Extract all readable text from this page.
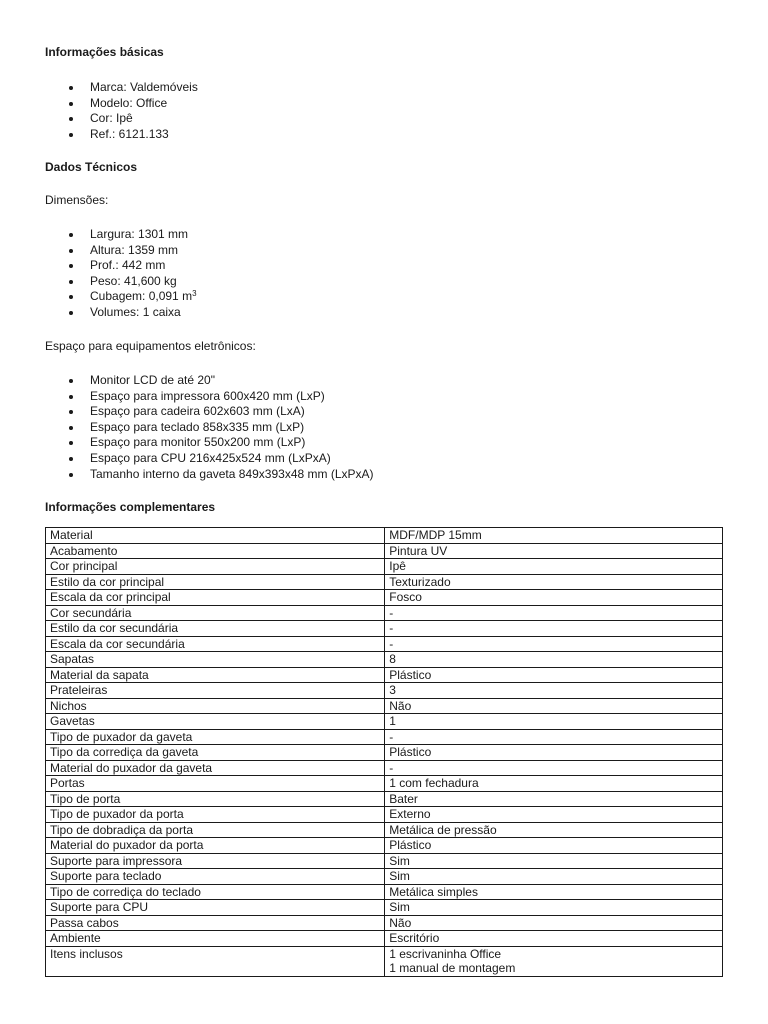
Informações básicas

Marca: Valdemóveis
Modelo: Office
Cor: Ipê
Ref.: 6121.133

Dados Técnicos

Dimensões:

Largura: 1301 mm
Altura: 1359 mm
Prof.: 442 mm
Peso: 41,600 kg
Cubagem: 0,091 $m^3$
Volumes: 1 caixa

Espaço para equipamentos eletrônicos:

Monitor LCD de até 20"
Espaço para impressora 600x420 mm (LxP)
Espaço para cadeira 602x603 mm (LxA)
Espaço para teclado 858x335 mm (LxP)
Espaço para monitor 550x200 mm (LxP)
Espaço para CPU 216x425x524 mm (LxPxA)
Tamanho interno da gaveta 849x393x48 mm (LxPxA)

Informações complementares

Material	MDF/MDP 15mm
Acabamento	Pintura UV
Cor principal	Ipê
Estilo da cor principal	Texturizado
Escala da cor principal	Fosco
Cor secundária	-
Estilo da cor secundária	-
Escala da cor secundária	-
Sapatas	8
Material da sapata	Plástico
Prateleiras	3
Nichos	Não
Gavetas	1
Tipo de puxador da gaveta	-
Tipo da corrediça da gaveta	Plástico
Material do puxador da gaveta	-
Portas	1 com fechadura
Tipo de porta	Bater
Tipo de puxador da porta	Externo
Tipo de dobradiça da porta	Metálica de pressão
Material do puxador da porta	Plástico
Suporte para impressora	Sim
Suporte para teclado	Sim
Tipo de corrediça do teclado	Metálica simples
Suporte para CPU	Sim
Passa cabos	Não
Ambiente	Escritório
Itens inclusos	1 escrivaninha Office
1 manual de montagem
